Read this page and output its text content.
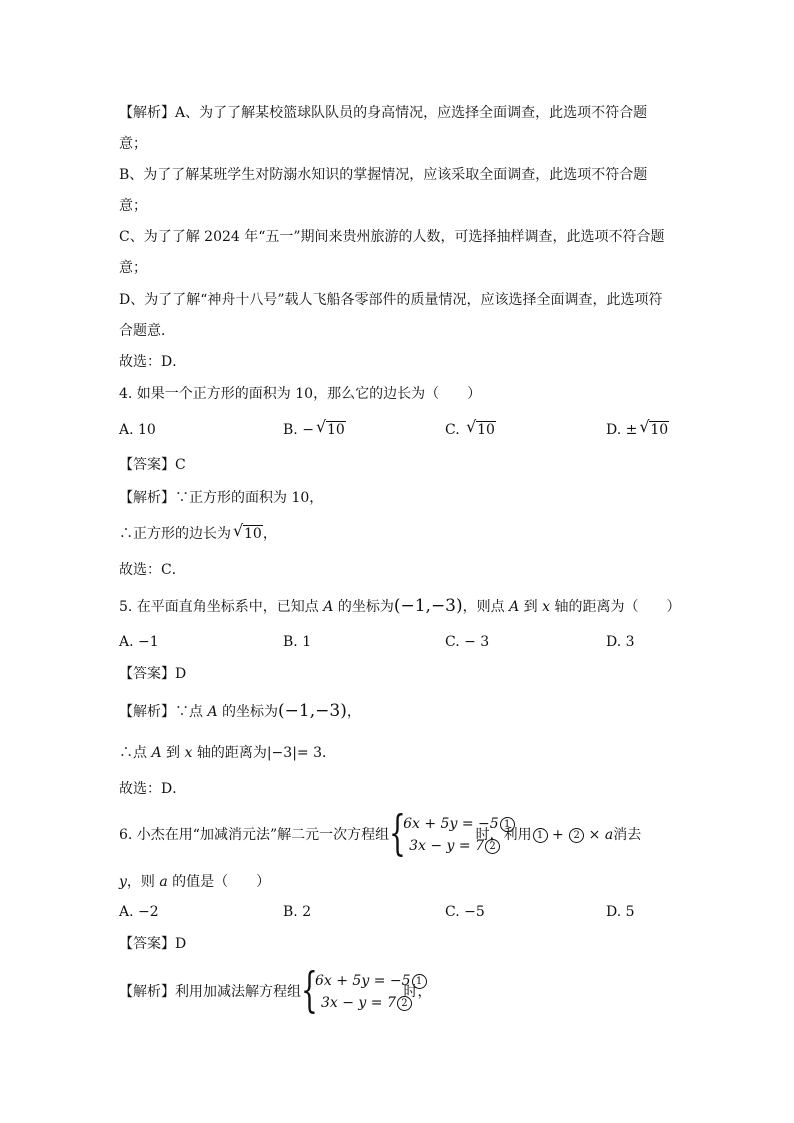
【解析】A、为了了解某校篮球队队员的身高情况，应选择全面调查，此选项不符合题
意；
B、为了了解某班学生对防溺水知识的掌握情况，应该采取全面调查，此选项不符合题
意；
C、为了了解 2024 年“五一”期间来贵州旅游的人数，可选择抽样调查，此选项不符合题
意；
D、为了了解“神舟十八号”载人飞船各零部件的质量情况，应该选择全面调查，此选项符
合题意．
故选：D．
4. 如果一个正方形的面积为 10，那么它的边长为（　　）
A. 10	B. − √ 10	C. √ 10	D. ± √ 10
【答案】C
【解析】∵正方形的面积为 10，
∴正方形的边长为 √ 10，
故选：C．
5. 在平面直角坐标系中，已知点 A 的坐标为(−1,−3)，则点 A 到 x 轴的距离为（　　）
A. −1	B. 1	C. − 3	D. 3
【答案】D
【解析】∵点 A 的坐标为(−1,−3)，
∴点 A 到 x 轴的距离为|−3|= 3．
故选：D．
6. 小杰在用“加减消元法”解二元一次方程组 {
6x + 5y = −5 1
3x − y = 7 2
时，利用 1 + 2 × a消去
y，则 a 的值是（　　）
A. −2	B. 2	C. −5	D. 5
【答案】D
【解析】利用加减法解方程组 {
6x + 5y = −5 1
3x − y = 7 2
时，
